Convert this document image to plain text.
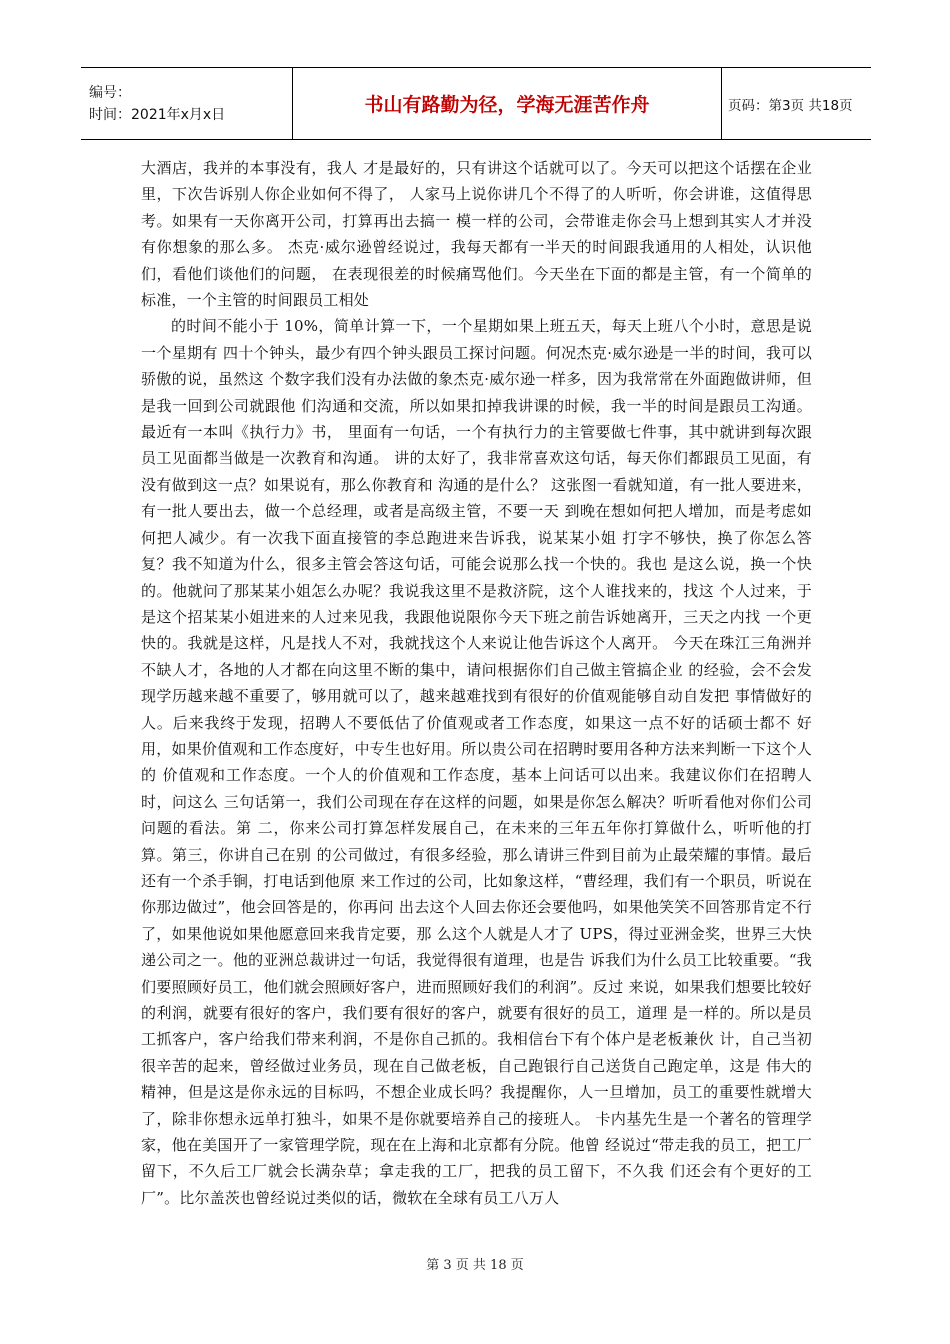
编号：
时间：2021年x月x日	书山有路勤为径，学海无涯苦作舟	页码：第3页 共18页

大酒店，我并的本事没有，我人 才是最好的，只有讲这个话就可以了。今天可以把这个话摆在企业里，下次告诉别人你企业如何不得了， 人家马上说你讲几个不得了的人听听，你会讲谁，这值得思考。如果有一天你离开公司，打算再出去搞一 模一样的公司，会带谁走你会马上想到其实人才并没有你想象的那么多。 杰克·威尔逊曾经说过，我每天都有一半天的时间跟我通用的人相处，认识他们，看他们谈他们的问题， 在表现很差的时候痛骂他们。今天坐在下面的都是主管，有一个简单的标准，一个主管的时间跟员工相处

的时间不能小于 10%，简单计算一下，一个星期如果上班五天，每天上班八个小时，意思是说一个星期有 四十个钟头，最少有四个钟头跟员工探讨问题。何况杰克·威尔逊是一半的时间，我可以骄傲的说，虽然这 个数字我们没有办法做的象杰克·威尔逊一样多，因为我常常在外面跑做讲师，但是我一回到公司就跟他 们沟通和交流，所以如果扣掉我讲课的时候，我一半的时间是跟员工沟通。最近有一本叫《执行力》书， 里面有一句话，一个有执行力的主管要做七件事，其中就讲到每次跟员工见面都当做是一次教育和沟通。 讲的太好了，我非常喜欢这句话，每天你们都跟员工见面，有没有做到这一点？如果说有，那么你教育和 沟通的是什么？ 这张图一看就知道，有一批人要进来，有一批人要出去，做一个总经理，或者是高级主管，不要一天 到晚在想如何把人增加，而是考虑如何把人减少。有一次我下面直接管的李总跑进来告诉我，说某某小姐 打字不够快，换了你怎么答复？我不知道为什么，很多主管会答这句话，可能会说那么找一个快的。我也 是这么说，换一个快的。他就问了那某某小姐怎么办呢？我说我这里不是救济院，这个人谁找来的，找这 个人过来，于是这个招某某小姐进来的人过来见我，我跟他说限你今天下班之前告诉她离开，三天之内找 一个更快的。我就是这样，凡是找人不对，我就找这个人来说让他告诉这个人离开。 今天在珠江三角洲并不缺人才，各地的人才都在向这里不断的集中，请问根据你们自己做主管搞企业 的经验，会不会发现学历越来越不重要了，够用就可以了，越来越难找到有很好的价值观能够自动自发把 事情做好的人。后来我终于发现，招聘人不要低估了价值观或者工作态度，如果这一点不好的话硕士都不 好用，如果价值观和工作态度好，中专生也好用。所以贵公司在招聘时要用各种方法来判断一下这个人的 价值观和工作态度。一个人的价值观和工作态度，基本上问话可以出来。我建议你们在招聘人时，问这么 三句话第一，我们公司现在存在这样的问题，如果是你怎么解决？听听看他对你们公司问题的看法。第 二，你来公司打算怎样发展自己，在未来的三年五年你打算做什么，听听他的打算。第三，你讲自己在别 的公司做过，有很多经验，那么请讲三件到目前为止最荣耀的事情。最后还有一个杀手锏，打电话到他原 来工作过的公司，比如象这样，“曹经理，我们有一个职员，听说在你那边做过”，他会回答是的，你再问 出去这个人回去你还会要他吗，如果他笑笑不回答那肯定不行了，如果他说如果他愿意回来我肯定要，那 么这个人就是人才了 UPS，得过亚洲金奖，世界三大快递公司之一。他的亚洲总裁讲过一句话，我觉得很有道理，也是告 诉我们为什么员工比较重要。“我们要照顾好员工，他们就会照顾好客户，进而照顾好我们的利润”。反过 来说，如果我们想要比较好的利润，就要有很好的客户，我们要有很好的客户，就要有很好的员工，道理 是一样的。所以是员工抓客户，客户给我们带来利润，不是你自己抓的。我相信台下有个体户是老板兼伙 计，自己当初很辛苦的起来，曾经做过业务员，现在自己做老板，自己跑银行自己送货自己跑定单，这是 伟大的精神，但是这是你永远的目标吗，不想企业成长吗？我提醒你，人一旦增加，员工的重要性就增大了，除非你想永远单打独斗，如果不是你就要培养自己的接班人。 卡内基先生是一个著名的管理学家，他在美国开了一家管理学院，现在在上海和北京都有分院。他曾 经说过“带走我的员工，把工厂留下，不久后工厂就会长满杂草；拿走我的工厂，把我的员工留下，不久我 们还会有个更好的工厂”。比尔盖茨也曾经说过类似的话，微软在全球有员工八万人

第 3 页 共 18 页
